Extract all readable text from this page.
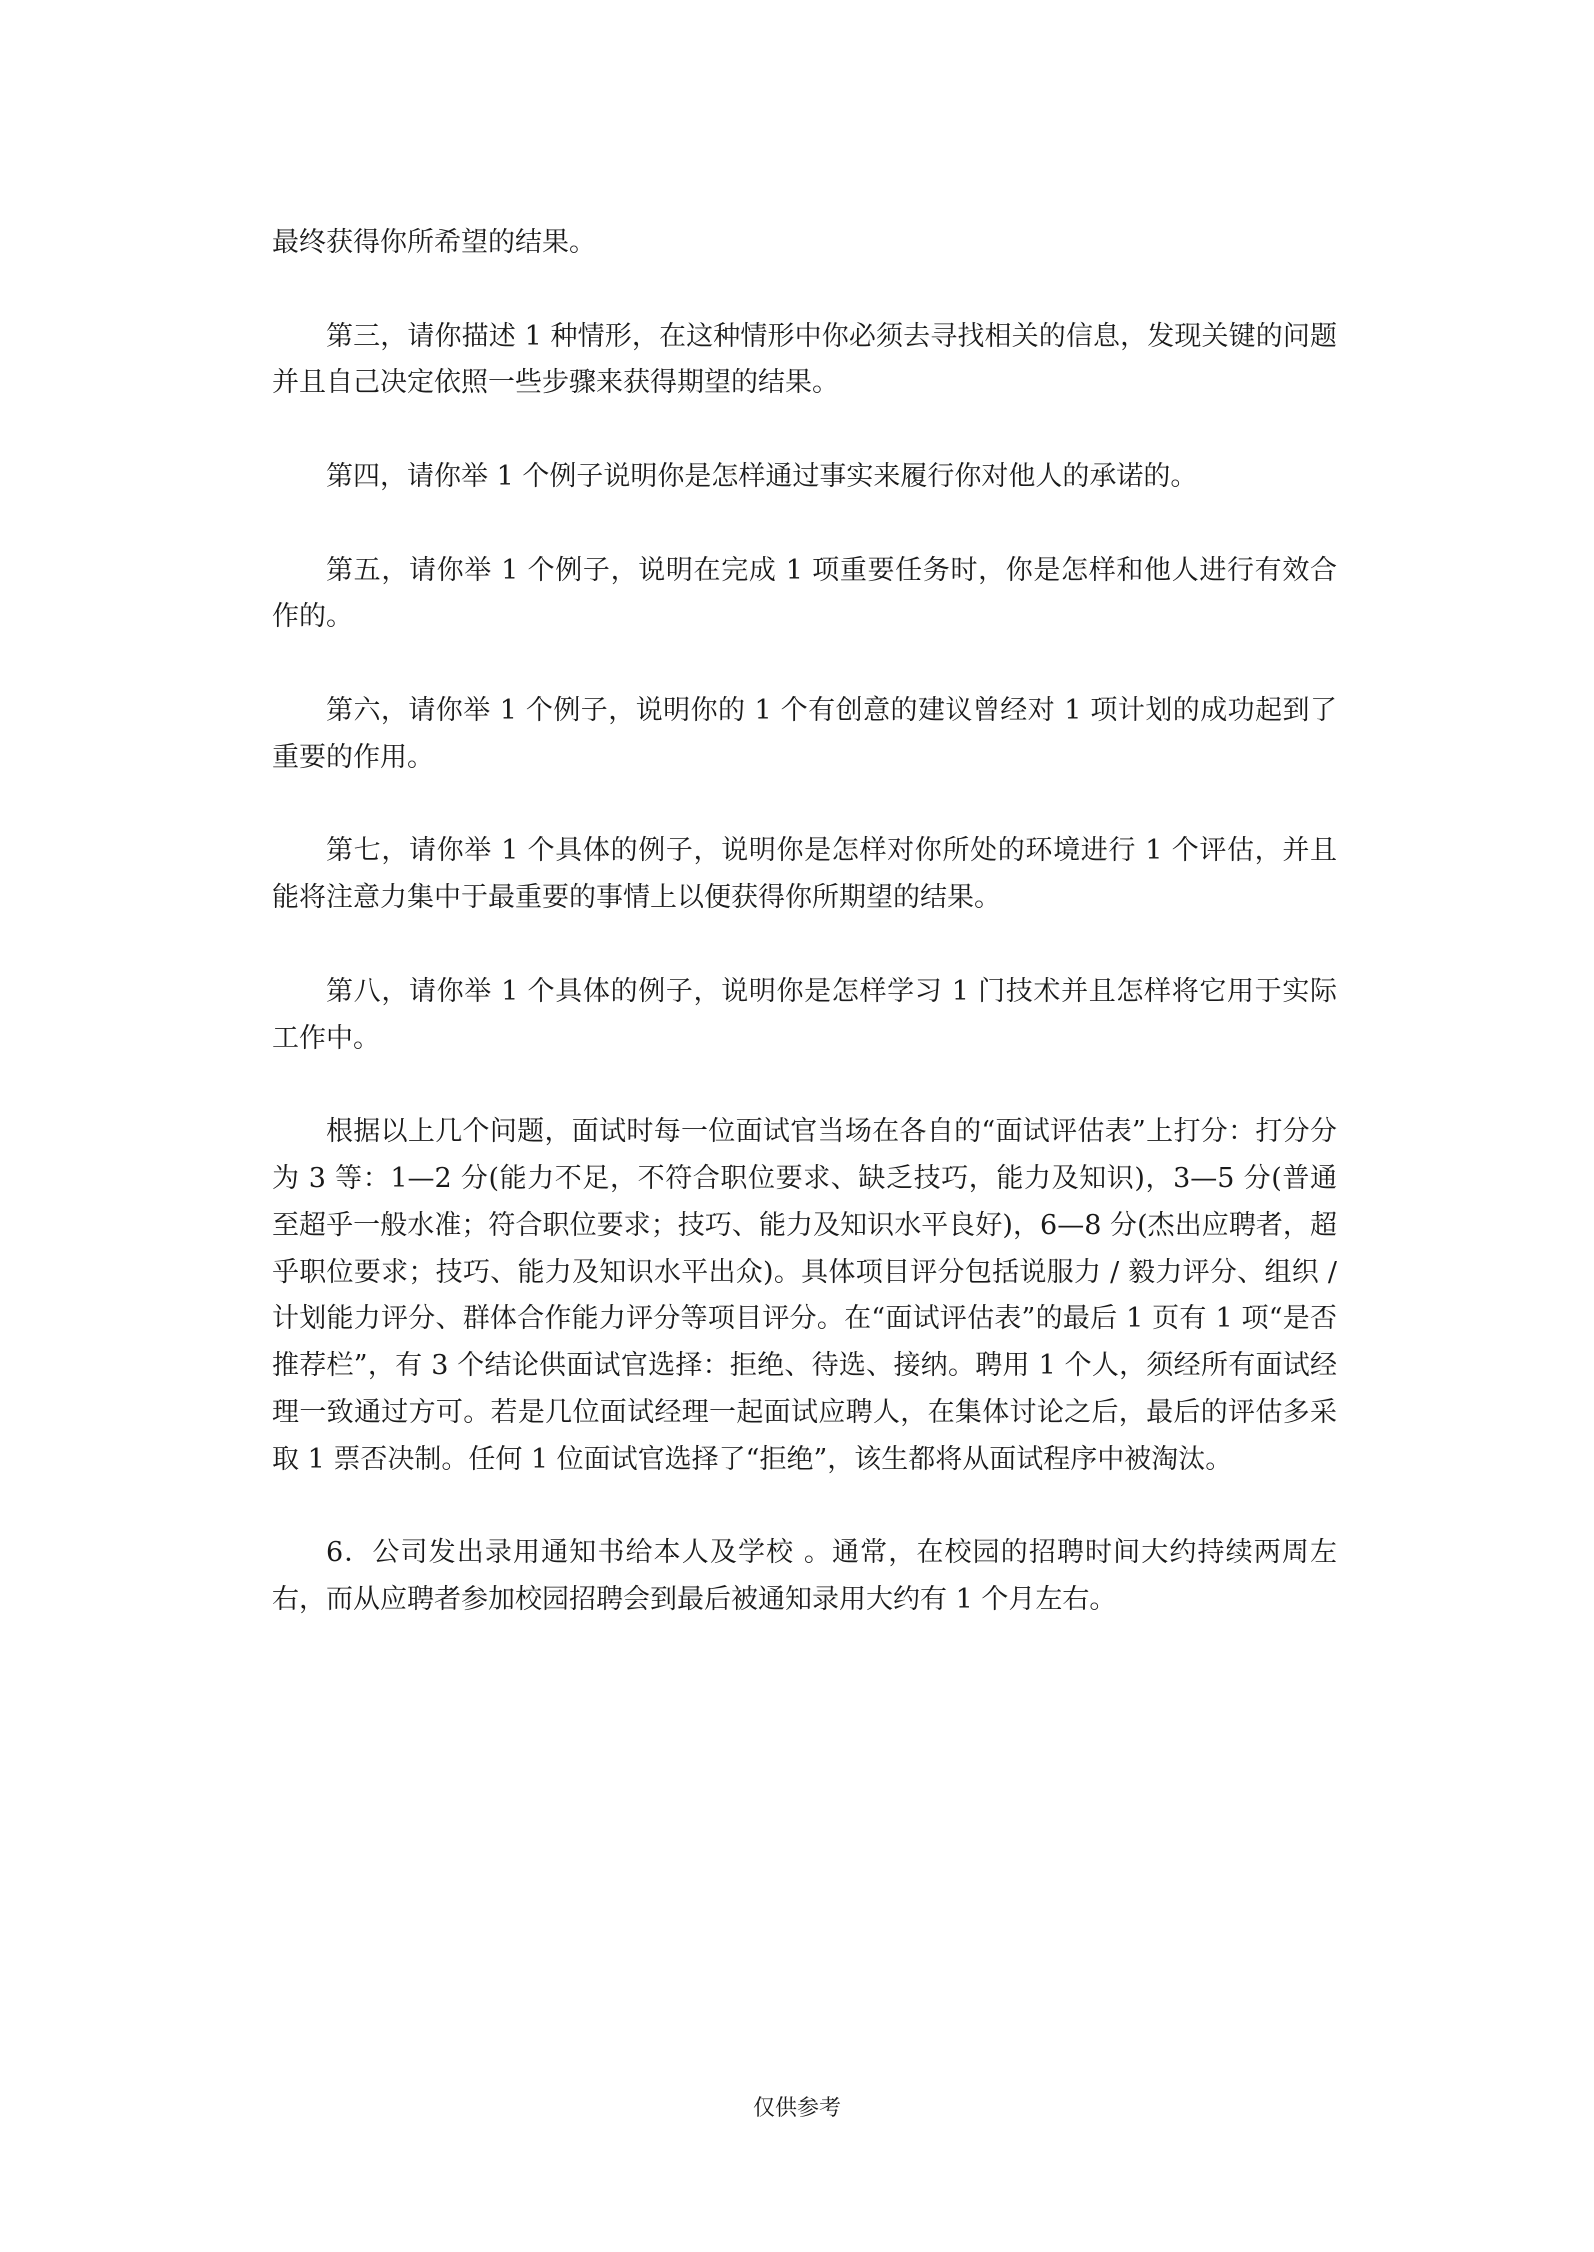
最终获得你所希望的结果。

第三，请你描述 1 种情形，在这种情形中你必须去寻找相关的信息，发现关键的问题并且自己决定依照一些步骤来获得期望的结果。

第四，请你举 1 个例子说明你是怎样通过事实来履行你对他人的承诺的。

第五，请你举 1 个例子，说明在完成 1 项重要任务时，你是怎样和他人进行有效合作的。

第六，请你举 1 个例子，说明你的 1 个有创意的建议曾经对 1 项计划的成功起到了重要的作用。

第七，请你举 1 个具体的例子，说明你是怎样对你所处的环境进行 1 个评估，并且能将注意力集中于最重要的事情上以便获得你所期望的结果。

第八，请你举 1 个具体的例子，说明你是怎样学习 1 门技术并且怎样将它用于实际工作中。

根据以上几个问题，面试时每一位面试官当场在各自的“面试评估表”上打分：打分分为 3 等：1—2 分(能力不足，不符合职位要求、缺乏技巧，能力及知识)，3—5 分(普通至超乎一般水准；符合职位要求；技巧、能力及知识水平良好)，6—8 分(杰出应聘者，超乎职位要求；技巧、能力及知识水平出众)。具体项目评分包括说服力 / 毅力评分、组织 / 计划能力评分、群体合作能力评分等项目评分。在“面试评估表”的最后 1 页有 1 项“是否推荐栏”，有 3 个结论供面试官选择：拒绝、待选、接纳。聘用 1 个人，须经所有面试经理一致通过方可。若是几位面试经理一起面试应聘人，在集体讨论之后，最后的评估多采取 1 票否决制。任何 1 位面试官选择了“拒绝”，该生都将从面试程序中被淘汰。

6．公司发出录用通知书给本人及学校 。通常，在校园的招聘时间大约持续两周左右，而从应聘者参加校园招聘会到最后被通知录用大约有 1 个月左右。

仅供参考
